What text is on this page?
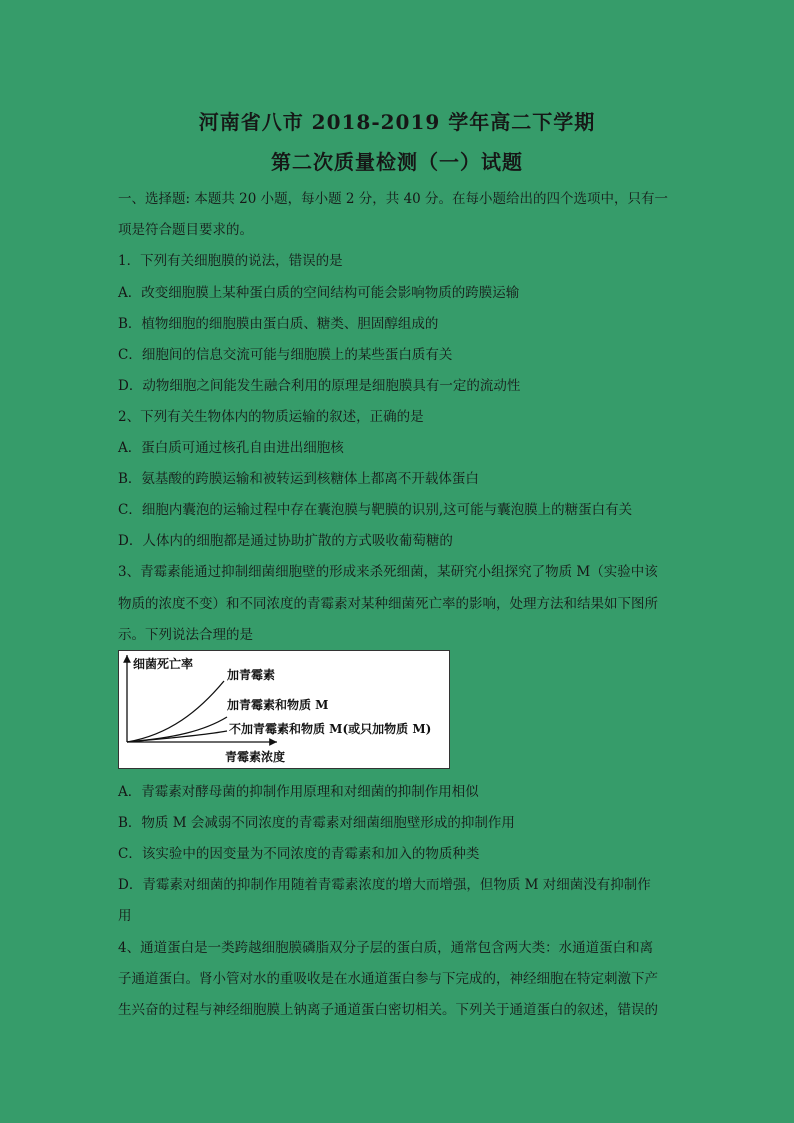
河南省八市 2018-2019 学年高二下学期
第二次质量检测（一）试题
一、选择题: 本题共 20 小题，每小题 2 分，共 40 分。在每小题给出的四个选项中，只有一
项是符合题目要求的。
1．下列有关细胞膜的说法，错误的是
A．改变细胞膜上某种蛋白质的空间结构可能会影响物质的跨膜运输
B．植物细胞的细胞膜由蛋白质、糖类、胆固醇组成的
C．细胞间的信息交流可能与细胞膜上的某些蛋白质有关
D．动物细胞之间能发生融合利用的原理是细胞膜具有一定的流动性
2、下列有关生物体内的物质运输的叙述，正确的是
A．蛋白质可通过核孔自由进出细胞核
B．氨基酸的跨膜运输和被转运到核糖体上都离不开载体蛋白
C．细胞内囊泡的运输过程中存在囊泡膜与靶膜的识别,这可能与囊泡膜上的糖蛋白有关
D．人体内的细胞都是通过协助扩散的方式吸收葡萄糖的
3、青霉素能通过抑制细菌细胞壁的形成来杀死细菌，某研究小组探究了物质 M（实验中该
物质的浓度不变）和不同浓度的青霉素对某种细菌死亡率的影响，处理方法和结果如下图所
示。下列说法合理的是
细菌死亡率
青霉素浓度
加青霉素
加青霉素和物质 M
不加青霉素和物质 M(或只加物质 M)
A．青霉素对酵母菌的抑制作用原理和对细菌的抑制作用相似
B．物质 M 会减弱不同浓度的青霉素对细菌细胞壁形成的抑制作用
C．该实验中的因变量为不同浓度的青霉素和加入的物质种类
D．青霉素对细菌的抑制作用随着青霉素浓度的增大而增强，但物质 M 对细菌没有抑制作
用
4、通道蛋白是一类跨越细胞膜磷脂双分子层的蛋白质，通常包含两大类：水通道蛋白和离
子通道蛋白。肾小管对水的重吸收是在水通道蛋白参与下完成的，神经细胞在特定刺激下产
生兴奋的过程与神经细胞膜上钠离子通道蛋白密切相关。下列关于通道蛋白的叙述，错误的
